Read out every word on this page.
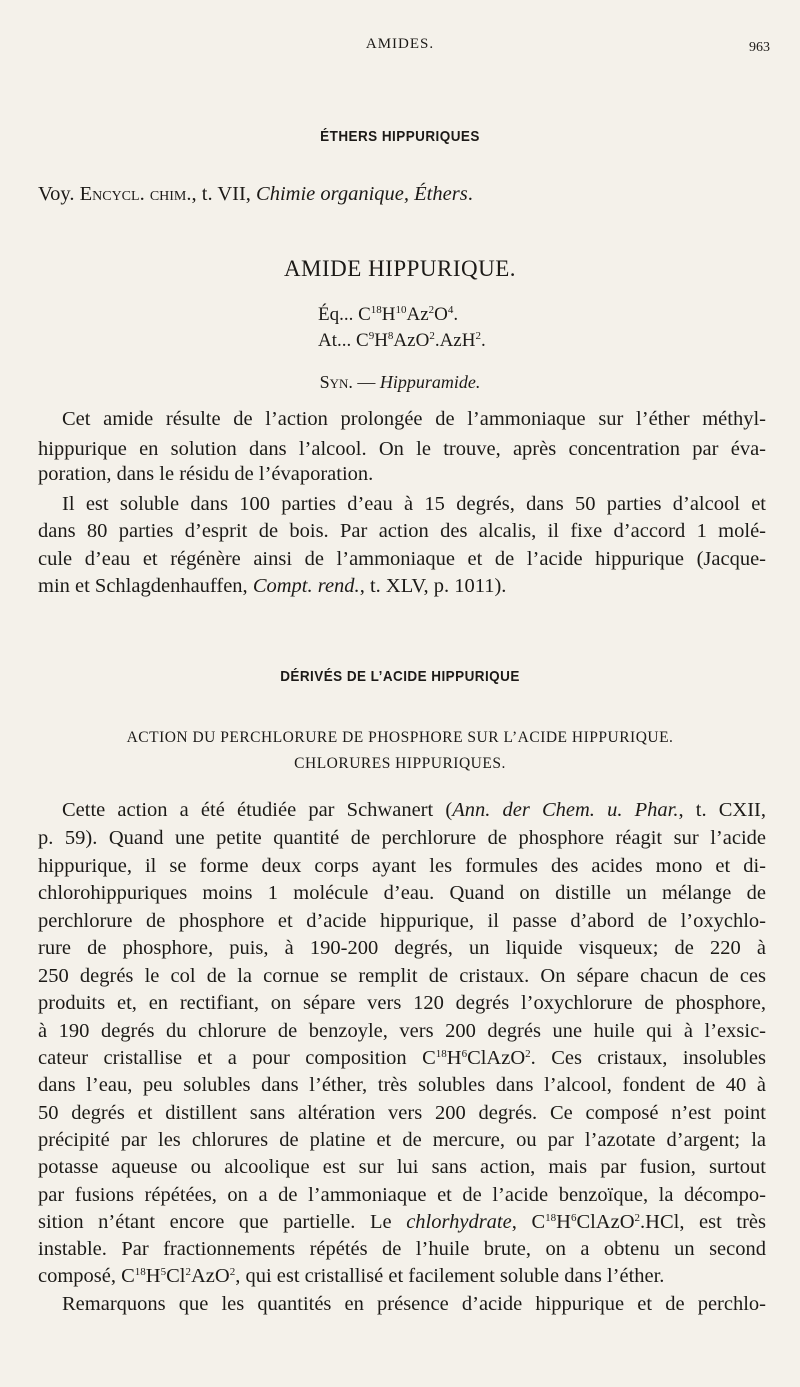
AMIDES.	963
ÉTHERS HIPPURIQUES
Voy. Encycl. chim., t. VII, Chimie organique, Éthers.
AMIDE HIPPURIQUE.
Éq... $C^{18}H^{10}Az^2O^4$.
At... $C^9H^8AzO^2.AzH^2$.
Syn. — Hippuramide.
Cet amide résulte de l’action prolongée de l’ammoniaque sur l’éther méthyl-
hippurique en solution dans l’alcool. On le trouve, après concentration par éva-
poration, dans le résidu de l’évaporation.
Il est soluble dans 100 parties d’eau à 15 degrés, dans 50 parties d’alcool et
dans 80 parties d’esprit de bois. Par action des alcalis, il fixe d’accord 1 molé-
cule d’eau et régénère ainsi de l’ammoniaque et de l’acide hippurique (Jacque-
min et Schlagdenhauffen, Compt. rend., t. XLV, p. 1011).
DÉRIVÉS DE L’ACIDE HIPPURIQUE
ACTION DU PERCHLORURE DE PHOSPHORE SUR L’ACIDE HIPPURIQUE.
CHLORURES HIPPURIQUES.
Cette action a été étudiée par Schwanert (Ann. der Chem. u. Phar., t. CXII,
p. 59). Quand une petite quantité de perchlorure de phosphore réagit sur l’acide
hippurique, il se forme deux corps ayant les formules des acides mono et di-
chlorohippuriques moins 1 molécule d’eau. Quand on distille un mélange de
perchlorure de phosphore et d’acide hippurique, il passe d’abord de l’oxychlo-
rure de phosphore, puis, à 190-200 degrés, un liquide visqueux; de 220 à
250 degrés le col de la cornue se remplit de cristaux. On sépare chacun de ces
produits et, en rectifiant, on sépare vers 120 degrés l’oxychlorure de phosphore,
à 190 degrés du chlorure de benzoyle, vers 200 degrés une huile qui à l’exsic-
cateur cristallise et a pour composition $C^{18}H^6ClAzO^2$. Ces cristaux, insolubles
dans l’eau, peu solubles dans l’éther, très solubles dans l’alcool, fondent de 40 à
50 degrés et distillent sans altération vers 200 degrés. Ce composé n’est point
précipité par les chlorures de platine et de mercure, ou par l’azotate d’argent; la
potasse aqueuse ou alcoolique est sur lui sans action, mais par fusion, surtout
par fusions répétées, on a de l’ammoniaque et de l’acide benzoïque, la décompo-
sition n’étant encore que partielle. Le chlorhydrate, $C^{18}H^6ClAzO^2.HCl$, est très
instable. Par fractionnements répétés de l’huile brute, on a obtenu un second
composé, $C^{18}H^5Cl^2AzO^2$, qui est cristallisé et facilement soluble dans l’éther.
Remarquons que les quantités en présence d’acide hippurique et de perchlo-
